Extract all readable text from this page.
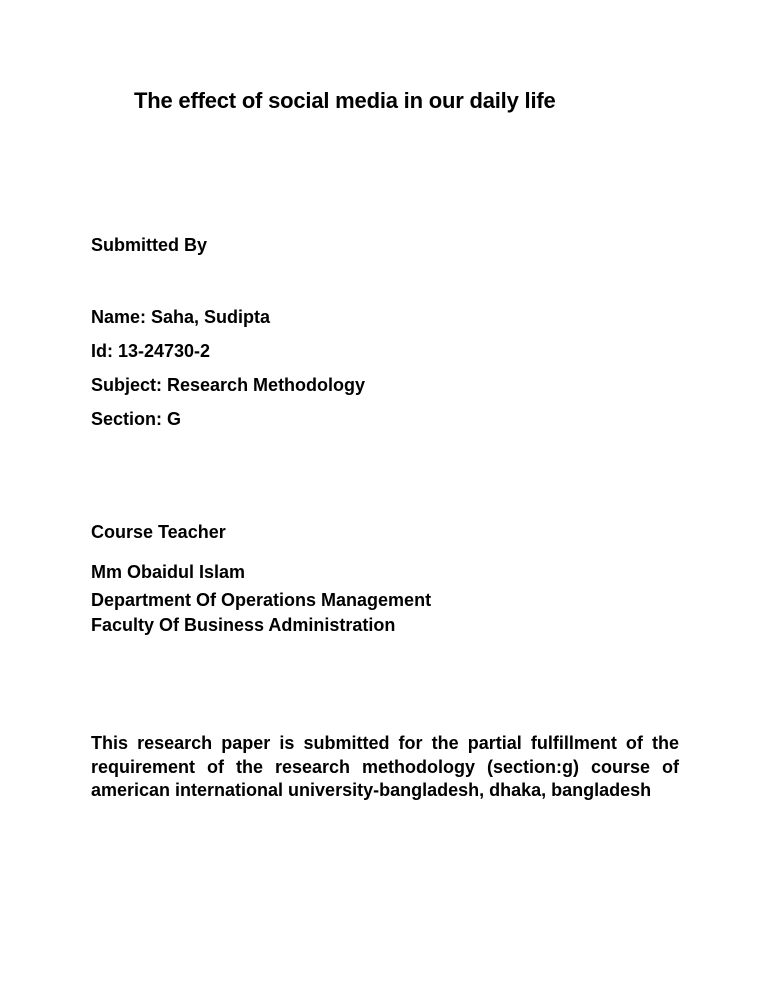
The effect of social media in our daily life
Submitted By
Name: Saha, Sudipta
Id: 13-24730-2
Subject: Research Methodology
Section: G
Course Teacher
Mm Obaidul Islam
Department Of Operations Management
Faculty Of Business Administration
This research paper is submitted for the partial fulfillment of the requirement of the research methodology (section:g) course of american international university-bangladesh, dhaka, bangladesh
